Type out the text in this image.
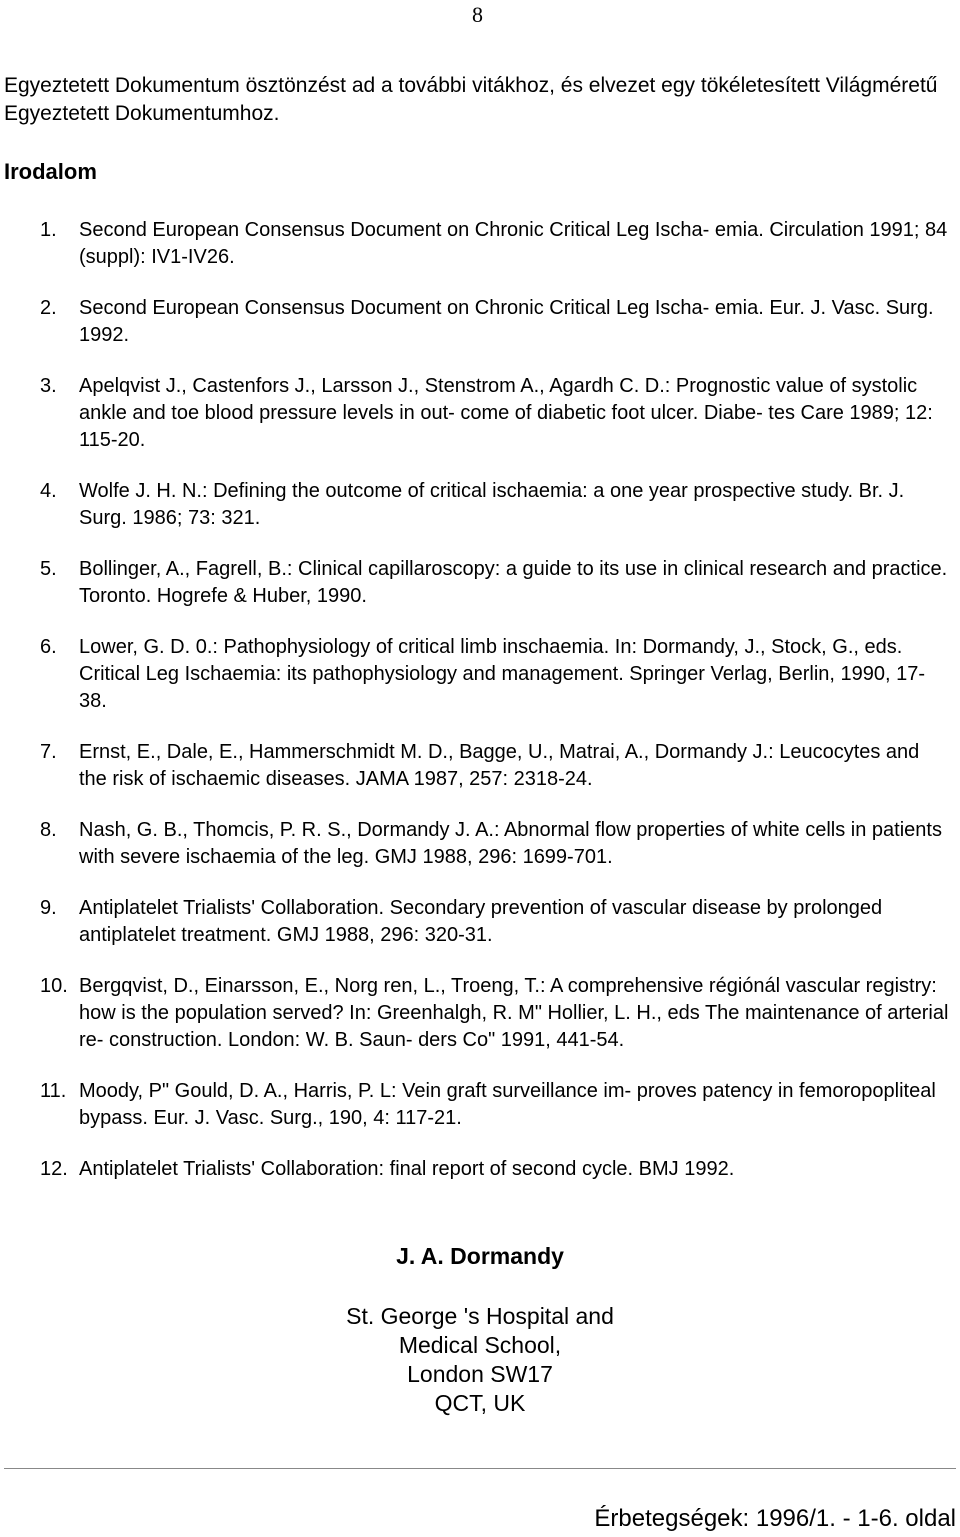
8

Egyeztetett Dokumentum ösztönzést ad a további vitákhoz, és elvezet egy tökéletesített Világméretű Egyeztetett Dokumentumhoz.

Irodalom
1. Second European Consensus Document on Chronic Critical Leg Ischa- emia. Circulation 1991; 84 (suppl): IV1-IV26.
2. Second European Consensus Document on Chronic Critical Leg Ischa- emia. Eur. J. Vasc. Surg. 1992.
3. Apelqvist J., Castenfors J., Larsson J., Stenstrom A., Agardh C. D.: Prognostic value of systolic ankle and toe blood pressure levels in out- come of diabetic foot ulcer. Diabe- tes Care 1989; 12: 115-20.
4. Wolfe J. H. N.: Defining the outcome of critical ischaemia: a one year prospective study. Br. J. Surg. 1986; 73: 321.
5. Bollinger, A., Fagrell, B.: Clinical capillaroscopy: a guide to its use in clinical research and practice. Toronto. Hogrefe & Huber, 1990.
6. Lower, G. D. 0.: Pathophysiology of critical limb inschaemia. In: Dormandy, J., Stock, G., eds. Critical Leg Ischaemia: its pathophysiology and management. Springer Verlag, Berlin, 1990, 17-38.
7. Ernst, E., Dale, E., Hammerschmidt M. D., Bagge, U., Matrai, A., Dormandy J.: Leucocytes and the risk of ischaemic diseases. JAMA 1987, 257: 2318-24.
8. Nash, G. B., Thomcis, P. R. S., Dormandy J. A.: Abnormal flow properties of white cells in patients with severe ischaemia of the leg. GMJ 1988, 296: 1699-701.
9. Antiplatelet Trialists' Collaboration. Secondary prevention of vascular disease by prolonged antiplatelet treatment. GMJ 1988, 296: 320-31.
10. Bergqvist, D., Einarsson, E., Norg ren, L., Troeng, T.: A comprehensive régiónál vascular registry: how is the population served? In: Greenhalgh, R. M" Hollier, L. H., eds The maintenance of arterial re- construction. London: W. B. Saun- ders Co" 1991, 441-54.
11. Moody, P" Gould, D. A., Harris, P. L: Vein graft surveillance im- proves patency in femoropopliteal bypass. Eur. J. Vasc. Surg., 190, 4: 117-21.
12. Antiplatelet Trialists' Collaboration: final report of second cycle. BMJ 1992.
J. A. Dormandy
St. George 's Hospital and
Medical School,
London SW17
QCT, UK
Érbetegségek: 1996/1. - 1-6. oldal
